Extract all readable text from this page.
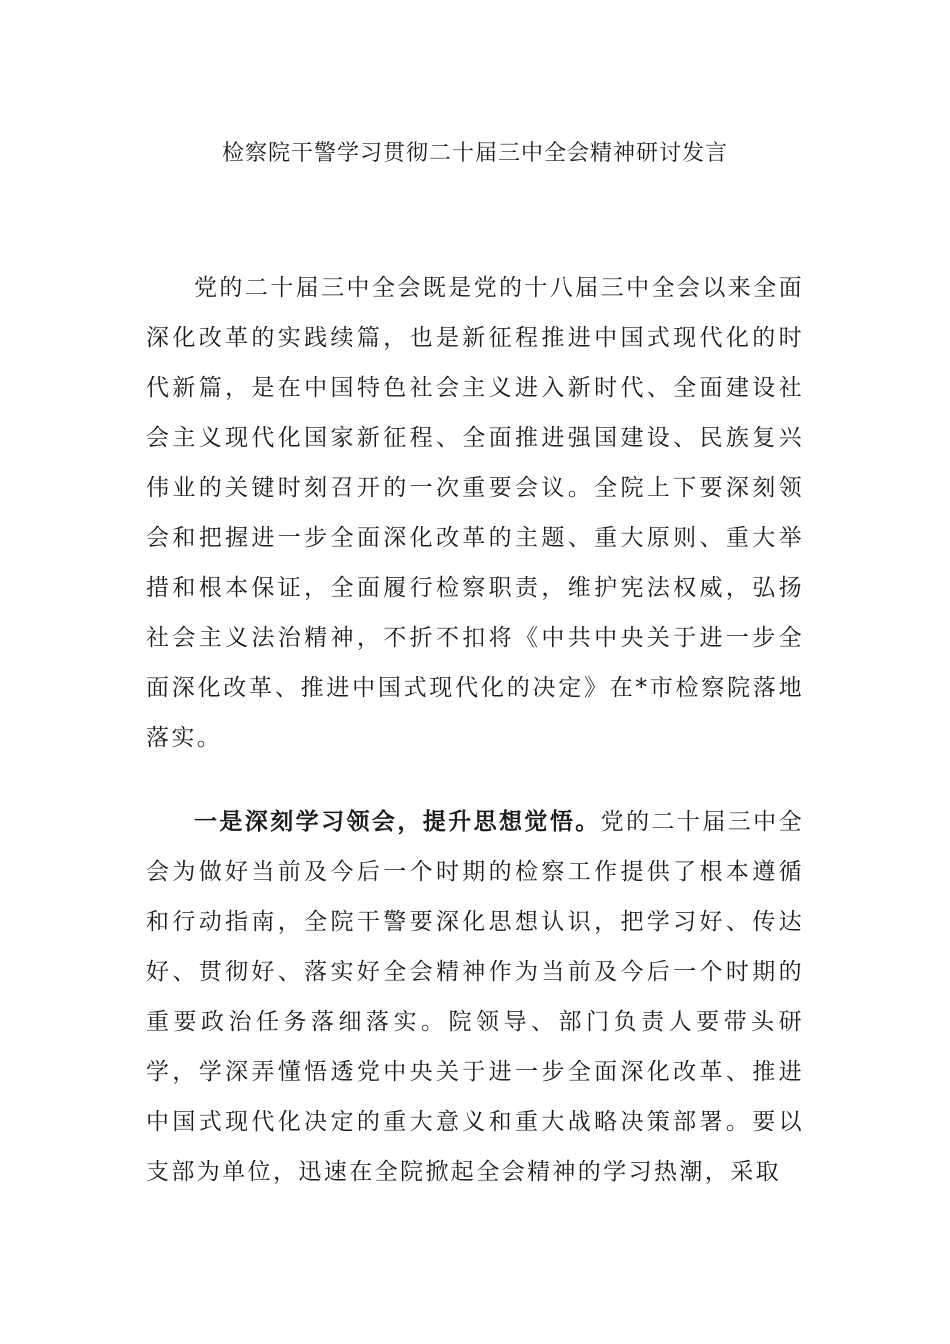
检察院干警学习贯彻二十届三中全会精神研讨发言

党的二十届三中全会既是党的十八届三中全会以来全面深化改革的实践续篇，也是新征程推进中国式现代化的时代新篇，是在中国特色社会主义进入新时代、全面建设社会主义现代化国家新征程、全面推进强国建设、民族复兴伟业的关键时刻召开的一次重要会议。全院上下要深刻领会和把握进一步全面深化改革的主题、重大原则、重大举措和根本保证，全面履行检察职责，维护宪法权威，弘扬社会主义法治精神，不折不扣将《中共中央关于进一步全面深化改革、推进中国式现代化的决定》在*市检察院落地落实。

一是深刻学习领会，提升思想觉悟。党的二十届三中全会为做好当前及今后一个时期的检察工作提供了根本遵循和行动指南，全院干警要深化思想认识，把学习好、传达好、贯彻好、落实好全会精神作为当前及今后一个时期的重要政治任务落细落实。院领导、部门负责人要带头研学，学深弄懂悟透党中央关于进一步全面深化改革、推进中国式现代化决定的重大意义和重大战略决策部署。要以支部为单位，迅速在全院掀起全会精神的学习热潮，采取
